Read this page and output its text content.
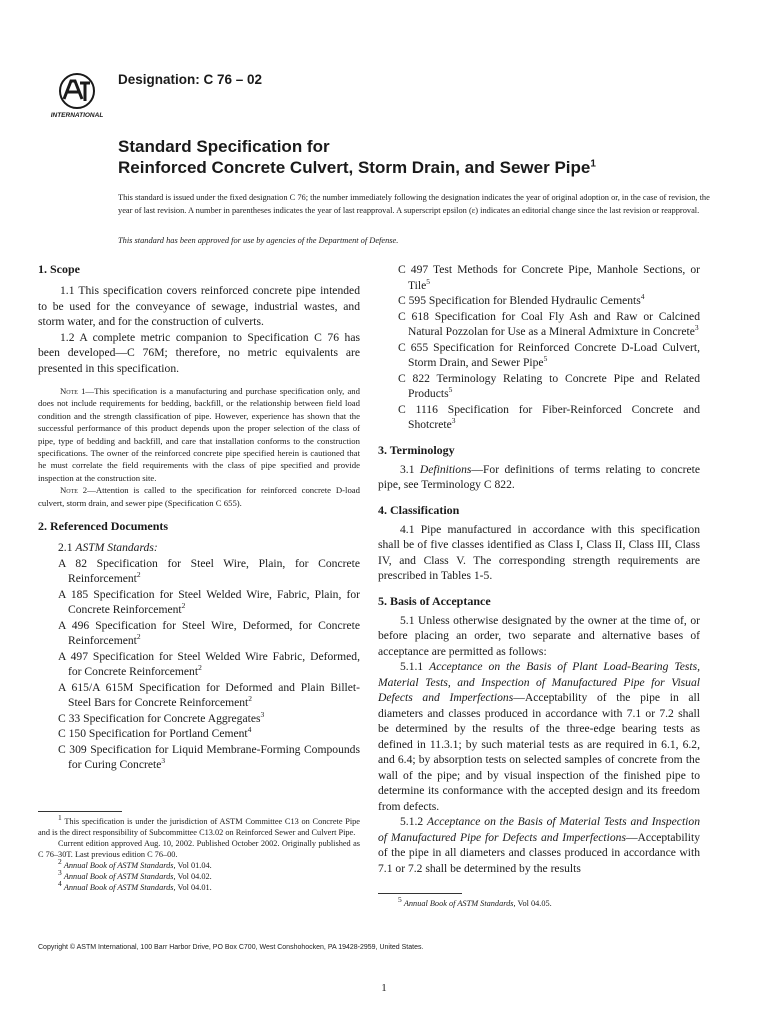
INTERNATIONAL
Designation: C 76 – 02
Standard Specification for
Reinforced Concrete Culvert, Storm Drain, and Sewer Pipe$^1$
This standard is issued under the fixed designation C 76; the number immediately following the designation indicates the year of original adoption or, in the case of revision, the year of last revision. A number in parentheses indicates the year of last reapproval. A superscript epsilon (ε) indicates an editorial change since the last revision or reapproval.
This standard has been approved for use by agencies of the Department of Defense.
1. Scope

1.1 This specification covers reinforced concrete pipe intended to be used for the conveyance of sewage, industrial wastes, and storm water, and for the construction of culverts.

1.2 A complete metric companion to Specification C 76 has been developed—C 76M; therefore, no metric equivalents are presented in this specification.

Note 1—This specification is a manufacturing and purchase specification only, and does not include requirements for bedding, backfill, or the relationship between field load condition and the strength classification of pipe. However, experience has shown that the successful performance of this product depends upon the proper selection of the class of pipe, type of bedding and backfill, and care that installation conforms to the construction specifications. The owner of the reinforced concrete pipe specified herein is cautioned that he must correlate the field requirements with the class of pipe specified and provide inspection at the construction site.

Note 2—Attention is called to the specification for reinforced concrete D-load culvert, storm drain, and sewer pipe (Specification C 655).

2. Referenced Documents

2.1 ASTM Standards:

A 82 Specification for Steel Wire, Plain, for Concrete Reinforcement$^2$

A 185 Specification for Steel Welded Wire, Fabric, Plain, for Concrete Reinforcement$^2$

A 496 Specification for Steel Wire, Deformed, for Concrete Reinforcement$^2$

A 497 Specification for Steel Welded Wire Fabric, Deformed, for Concrete Reinforcement$^2$

A 615/A 615M Specification for Deformed and Plain Billet-Steel Bars for Concrete Reinforcement$^2$

C 33 Specification for Concrete Aggregates$^3$

C 150 Specification for Portland Cement$^4$

C 309 Specification for Liquid Membrane-Forming Compounds for Curing Concrete$^3$

$^1$ This specification is under the jurisdiction of ASTM Committee C13 on Concrete Pipe and is the direct responsibility of Subcommittee C13.02 on Reinforced Sewer and Culvert Pipe.

Current edition approved Aug. 10, 2002. Published October 2002. Originally published as C 76–30T. Last previous edition C 76–00.

$^2$ Annual Book of ASTM Standards, Vol 01.04.

$^3$ Annual Book of ASTM Standards, Vol 04.02.

$^4$ Annual Book of ASTM Standards, Vol 04.01.

C 497 Test Methods for Concrete Pipe, Manhole Sections, or Tile$^5$

C 595 Specification for Blended Hydraulic Cements$^4$

C 618 Specification for Coal Fly Ash and Raw or Calcined Natural Pozzolan for Use as a Mineral Admixture in Concrete$^3$

C 655 Specification for Reinforced Concrete D-Load Culvert, Storm Drain, and Sewer Pipe$^5$

C 822 Terminology Relating to Concrete Pipe and Related Products$^5$

C 1116 Specification for Fiber-Reinforced Concrete and Shotcrete$^3$

3. Terminology

3.1 Definitions—For definitions of terms relating to concrete pipe, see Terminology C 822.

4. Classification

4.1 Pipe manufactured in accordance with this specification shall be of five classes identified as Class I, Class II, Class III, Class IV, and Class V. The corresponding strength requirements are prescribed in Tables 1-5.

5. Basis of Acceptance

5.1 Unless otherwise designated by the owner at the time of, or before placing an order, two separate and alternative bases of acceptance are permitted as follows:

5.1.1 Acceptance on the Basis of Plant Load-Bearing Tests, Material Tests, and Inspection of Manufactured Pipe for Visual Defects and Imperfections—Acceptability of the pipe in all diameters and classes produced in accordance with 7.1 or 7.2 shall be determined by the results of the three-edge bearing tests as defined in 11.3.1; by such material tests as are required in 6.1, 6.2, and 6.4; by absorption tests on selected samples of concrete from the wall of the pipe; and by visual inspection of the finished pipe to determine its conformance with the accepted design and its freedom from defects.

5.1.2 Acceptance on the Basis of Material Tests and Inspection of Manufactured Pipe for Defects and Imperfections—Acceptability of the pipe in all diameters and classes produced in accordance with 7.1 or 7.2 shall be determined by the results

$^5$ Annual Book of ASTM Standards, Vol 04.05.

Copyright © ASTM International, 100 Barr Harbor Drive, PO Box C700, West Conshohocken, PA 19428-2959, United States.
1
